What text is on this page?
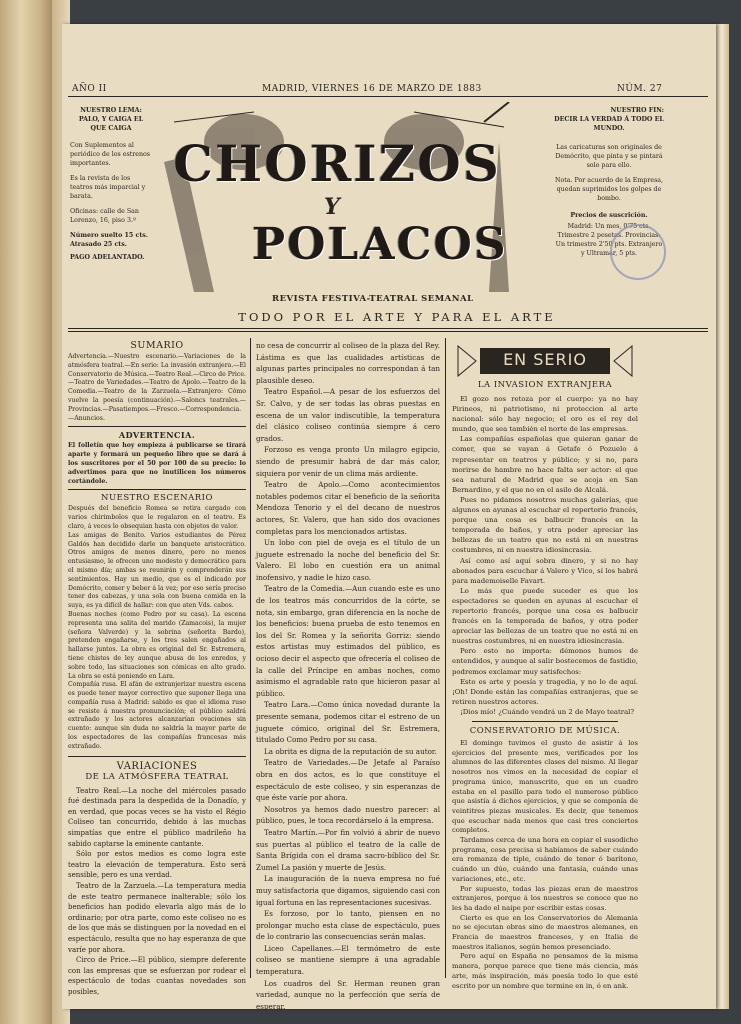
AÑO II	MADRID, VIERNES 16 DE MARZO DE 1883	NÚM. 27
NUESTRO LEMA:
PALO, Y CAIGA EL QUE CAIGA
Con Suplementos al periódico de los estrenos importantes.
Es la revista de los teatros más imparcial y barata.
Oficinas: calle de San Lorenzo, 16, piso 3.º
Número suelto 15 cts.
Atrasado 25 cts.
PAGO ADELANTADO.
CHORIZOS
Y
POLACOS
REVISTA FESTIVA-TEATRAL SEMANAL
TODO POR EL ARTE Y PARA EL ARTE
NUESTRO FIN:
DECIR LA VERDAD Á TODO EL MUNDO.
Las caricaturas son originales de Demócrito, que pinta y se pintará solo para ello.
Nota. Por acuerdo de la Empresa, quedan suprimidos los golpes de bombo.
Precios de suscrición.
Madrid: Un mes, 0'75 cts. Trimestre 2 pesetas. Provincias: Un trimestre 2'50 pts. Extranjero y Ultramar, 5 pts.
SUMARIO
Advertencia.—Nuestro escenario.—Variaciones de la atmósfera teatral.—En serio: La invasión extranjera.—El Conservatorio de Música.—Teatro Real.—Circo de Price.—Teatro de Variedades.—Teatro de Apolo.—Teatro de la Comedia.—Teatro de la Zarzuela.—Extranjero: Cómo vuelve la poesía (continuación).—Saloncs teatrales.—Provincias.—Pasatiempos.—Fresco.—Correspondencia.—Anuncios.
ADVERTENCIA.
El folletín que hoy empieza á publicarse se tirará aparte y formará un pequeño libro que se dará á los suscritores por el 50 por 100 de su precio: lo advertimos para que no inutilicen los números cortándole.
NUESTRO ESCENARIO
Después del beneficio Romea se retira cargado con varios chirimbolos que le regalaron en el teatro. Es claro, á veces lo obsequian hasta con objetos de valor.
Las amigas de Benito. Varios estudiantes de Pérez Galdós han decidido darle un banquete aristocrático. Otros amigos de menos dinero, pero no menos entusiasmo, le ofrecen uno modesto y democrático para el mismo día; ambas se reunirán y comprenderán sus sentimientos. Hay un medio, que es el indicado por Demócrito, comer y beber á la vez; por eso sería preciso tener dos cabezas, y una sola con buena comida en la suya, es ya difícil de hallar: con que aten Vds. cabos.
Buenas noches (como Pedro por su casa). La escena representa una salita del marido (Zamacois), la mujer (señora Valverde) y la sobrina (señorita Bardo), pretenden engañarse, y los tres salen engañados al hallarse juntos. La obra es original del Sr. Estremera, tiene chistes de ley aunque abusa de los enredos, y sobre todo, las situaciones son cómicas en alto grado. La obra se está poniendo en Lara.
Compañía rusa. El afán de extranjerizar nuestra escena es puede tener mayor correctivo que suponer llega una compañía rusa á Madrid: sabido es que el idioma ruso se resiste á nuestra pronunciación; el público saldrá extrañado y los actores alcanzarían ovaciones sin cuento: aunque sin duda no saldría la mayor parte de los espectadores de las compañías francesas más extrañado.
VARIACIONES
DE LA ATMÓSFERA TEATRAL
Teatro Real.—La noche del miércoles pasado fué destinada para la despedida de la Donadío, y en verdad, que pocas veces se ha visto el Régio Coliseo tan concurrido, debido á las muchas simpatías que entre el público madrileño ha sabido captarse la eminente cantante.
Sólo por estos medios es como logra este teatro la elevación de temperatura. Esto será sensible, pero es una verdad.
Teatro de la Zarzuela.—La temperatura media de este teatro permanece inalterable; sólo los beneficios han podido elevarla algo más de lo ordinario; por otra parte, como este coliseo no es de los que más se distinguen por la novedad en el espectáculo, resulta que no hay esperanza de que varíe por ahora.
Circo de Price.—El público, siempre deferente con las empresas que se esfuerzan por rodear el espectáculo de todas cuantas novedades son posibles,
no cesa de concurrir al coliseo de la plaza del Rey. Lástima es que las cualidades artísticas de algunas partes principales no correspondan á tan plausible deseo.
Teatro Español.—A pesar de los esfuerzos del Sr. Calvo, y de ser todas las obras puestas en escena de un valor indiscutible, la temperatura del clásico coliseo continúa siempre á cero grados.
Forzoso es venga pronto Un milagro egipcio, siendo de presumir habrá de dar más calor, siquiera por venir de un clima más ardiente.
Teatro de Apolo.—Como acontecimientos notables podemos citar el beneficio de la señorita Mendoza Tenorio y el del decano de nuestros actores, Sr. Valero, que han sido dos ovaciones completas para los mencionados artistas.
Un lobo con piel de oveja es el título de un juguete estrenado la noche del beneficio del Sr. Valero. El lobo en cuestión era un animal inofensivo, y nadie le hizo caso.
Teatro de la Comedia.—Aun cuando este es uno de los teatros más concurridos de la córte, se nota, sin embargo, gran diferencia en la noche de los beneficios: buena prueba de esto tenemos en los del Sr. Romea y la señorita Gorriz: siendo estos artistas muy estimados del público, es ocioso decir el aspecto que ofrecería el coliseo de la calle del Príncipe en ambas noches, como asimismo el agradable rato que hicieron pasar al público.
Teatro Lara.—Como única novedad durante la presente semana, podemos citar el estreno de un juguete cómico, original del Sr. Estremera, titulado Como Pedro por su casa.
La obrita es digna de la reputación de su autor.
Teatro de Variedades.—De Jetafe al Paraíso obra en dos actos, es lo que constituye el espectáculo de este coliseo, y sin esperanzas de que éste varíe por ahora.
Nosotros ya hemos dado nuestro parecer: al público, pues, le toca recordárselo á la empresa.
Teatro Martín.—Por fin volvió á abrir de nuevo sus puertas al público el teatro de la calle de Santa Brígida con el drama sacro-bíblico del Sr. Zumel La pasión y muerte de Jesús.
La inauguración de la nueva empresa no fué muy satisfactoria que digamos, siguiendo casi con igual fortuna en las representaciones sucesivas.
Es forzoso, por lo tanto, piensen en no prolongar mucho esta clase de espectáculo, pues de lo contrario las consecuencias serán malas.
Liceo Capellanes.—El termómetro de este coliseo se mantiene siempre á una agradable temperatura.
Los cuadros del Sr. Herman reunen gran variedad, aunque no la perfección que sería de esperar.
EN SERIO
LA INVASION EXTRANJERA
El gozo nos retoza por el cuerpo: ya no hay Pirineos, ni patriotismo, ni proteccion al arte nacional: sólo hay negocio; el oro es el rey del mundo, que sea también el norte de las empresas.
Las compañías españolas que quieran ganar de comer, que se vayan á Getafe ó Pozuelo á representar en teatros y público; y si no, para morirse de hambre no hace falta ser actor: el que sea natural de Madrid que se acoja en San Bernardino, y el que no en el asilo de Alcalá.
Pues no pidamos nosotros muchas galerías, que algunos en ayunas al escuchar el repertorio francés, porque una cosa es balbucir francés en la temporada de baños, y otra poder apreciar las bellezas de un teatro que no está ni en nuestras costumbres, ni en nuestra idiosincrasia.
Así como así aquí sobra dinero, y si no hay abonados para escuchar á Valero y Vico, sí los habrá para mademoiselle Favart.
Lo más que puede suceder es que los espectadores se queden en ayunas al escuchar el repertorio francés, porque una cosa es balbucir francés en la temporada de baños, y otra poder apreciar las bellezas de un teatro que no está ni en nuestras costumbres, ni en nuestra idiosincrasia.
Pero esto no importa: démonos humos de entendidos, y aunque al salir bostecemos de fastidio, podremos exclamar muy satisfechos:
Esto es arte y poesía y tragedia, y no lo de aquí. ¡Oh! Donde están las compañías extranjeras, que se retiren nuestros actores.
¡Dios mío! ¿Cuándo vendrá un 2 de Mayo teatral?
CONSERVATORIO DE MÚSICA.
El domingo tuvimos el gusto de asistir á los ejercicios del presente mes, verificados por los alumnos de las diferentes clases del mismo. Al llegar nosotros nos vimos en la necesidad de copiar el programa único, manuscrito, que en un cuadro estaba en el pasillo para todo el numeroso público que asistía á dichos ejercicios, y que se componía de veintitres piezas musicales. Es decir, que tenemos que escuchar nada menos que casi tres conciertos completos.
Tardamos cerca de una hora en copiar el susodicho programa, cosa precisa si habíamos de saber cuándo era romanza de tiple, cuándo de tenor ó barítono, cuándo un dúo, cuándo una fantasía, cuándo unas variaciones, etc., etc.
Por supuesto, todas las piezas eran de maestros extranjeros, porque á los nuestros se conoce que no les ha dado el naipe por escribir estas cosas.
Cierto es que en los Conservatorios de Alemania no se ejecutan obras sino de maestros alemanes, en Francia de maestros franceses, y en Italia de maestros italianos, según hemos presenciado.
Pero aquí en España no pensamos de la misma manera, porque parece que tiene más ciencia, más arte, más inspiración, más poesía todo lo que esté escrito por un nombre que termine en in, ó en ank.
